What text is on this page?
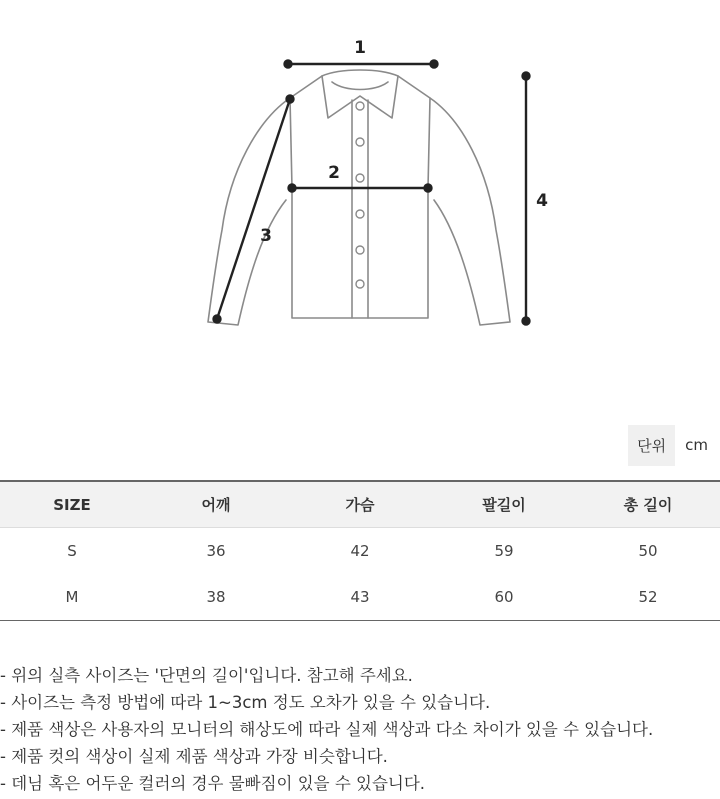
1
2
3
4
단위	cm
SIZE	어깨	가슴	팔길이	총 길이
S	36	42	59	50
M	38	43	60	52
- 위의 실측 사이즈는 '단면의 길이'입니다. 참고해 주세요.
- 사이즈는 측정 방법에 따라 1~3cm 정도 오차가 있을 수 있습니다.
- 제품 색상은 사용자의 모니터의 해상도에 따라 실제 색상과 다소 차이가 있을 수 있습니다.
- 제품 컷의 색상이 실제 제품 색상과 가장 비슷합니다.
- 데님 혹은 어두운 컬러의 경우 물빠짐이 있을 수 있습니다.
